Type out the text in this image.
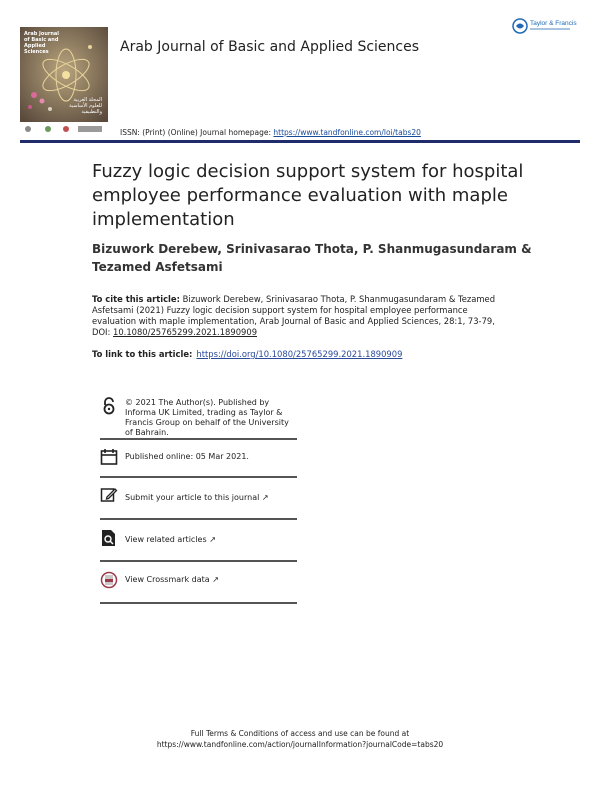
Arab Journal of Basic and Applied Sciences
المجلة العربية للعلوم الأساسية والتطبيقية
Arab Journal of Basic and Applied Sciences
ISSN: (Print) (Online) Journal homepage: https://www.tandfonline.com/loi/tabs20
Taylor & Francis
Fuzzy logic decision support system for hospital employee performance evaluation with maple implementation
Bizuwork Derebew, Srinivasarao Thota, P. Shanmugasundaram & Tezamed Asfetsami
To cite this article: Bizuwork Derebew, Srinivasarao Thota, P. Shanmugasundaram & Tezamed Asfetsami (2021) Fuzzy logic decision support system for hospital employee performance evaluation with maple implementation, Arab Journal of Basic and Applied Sciences, 28:1, 73-79, DOI: 10.1080/25765299.2021.1890909
To link to this article: https://doi.org/10.1080/25765299.2021.1890909
© 2021 The Author(s). Published by Informa UK Limited, trading as Taylor & Francis Group on behalf of the University of Bahrain.
Published online: 05 Mar 2021.
Submit your article to this journal ↗
View related articles ↗
View Crossmark data ↗
Full Terms & Conditions of access and use can be found at
https://www.tandfonline.com/action/journalInformation?journalCode=tabs20
